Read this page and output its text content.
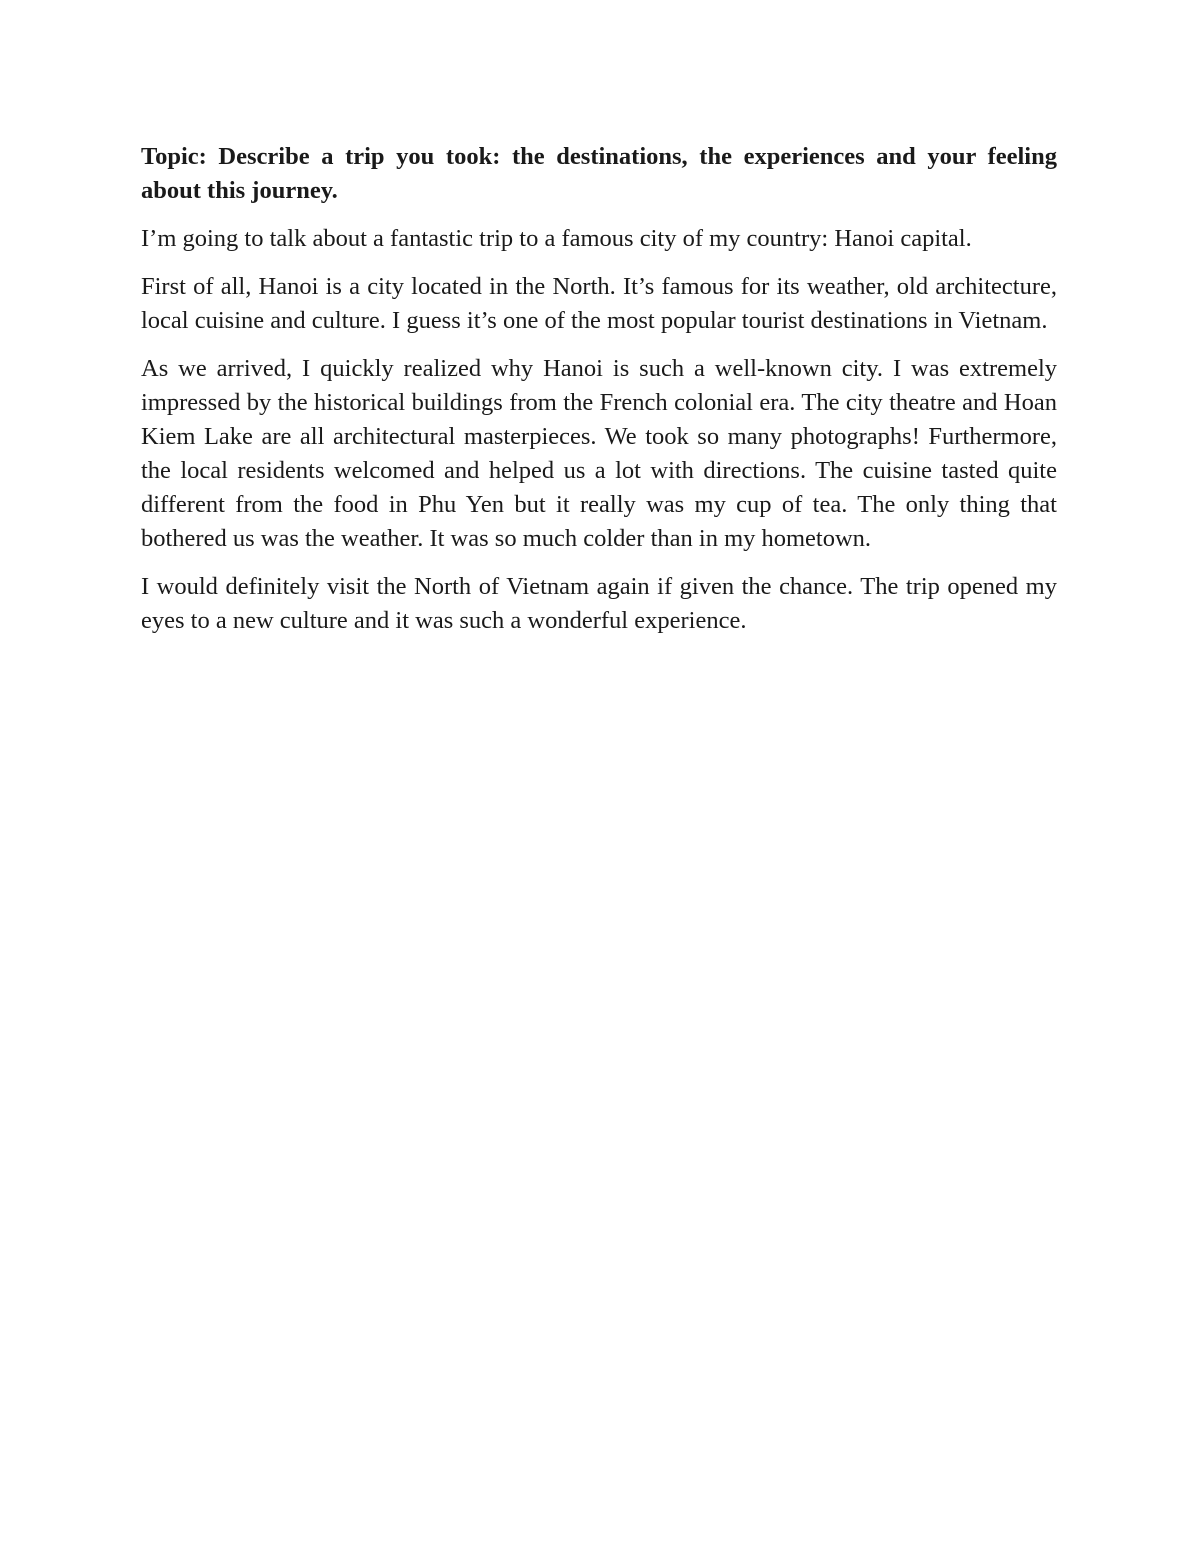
Topic: Describe a trip you took: the destinations, the experiences and your feeling about this journey.

I’m going to talk about a fantastic trip to a famous city of my country: Hanoi capital.

First of all, Hanoi is a city located in the North. It’s famous for its weather, old architecture, local cuisine and culture. I guess it’s one of the most popular tourist destinations in Vietnam.

As we arrived, I quickly realized why Hanoi is such a well-known city. I was extremely impressed by the historical buildings from the French colonial era. The city theatre and Hoan Kiem Lake are all architectural masterpieces. We took so many photographs! Furthermore, the local residents welcomed and helped us a lot with directions. The cuisine tasted quite different from the food in Phu Yen but it really was my cup of tea. The only thing that bothered us was the weather. It was so much colder than in my hometown.

I would definitely visit the North of Vietnam again if given the chance. The trip opened my eyes to a new culture and it was such a wonderful experience.
